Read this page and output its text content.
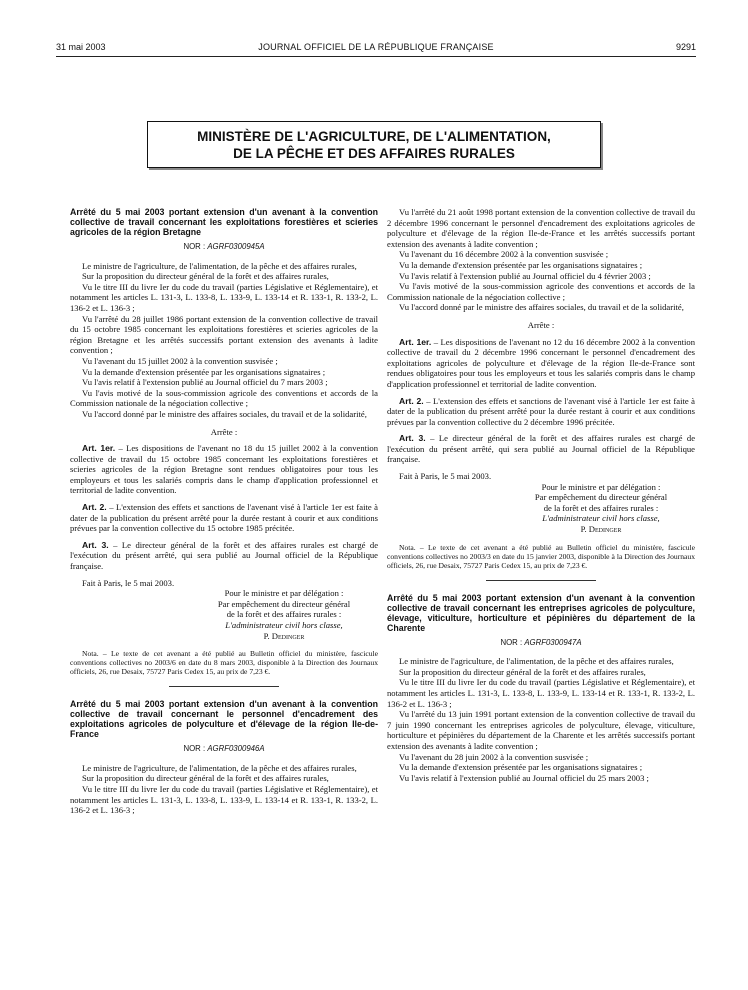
31 mai 2003	JOURNAL OFFICIEL DE LA RÉPUBLIQUE FRANÇAISE	9291
MINISTÈRE DE L'AGRICULTURE, DE L'ALIMENTATION,
DE LA PÊCHE ET DES AFFAIRES RURALES
Arrêté du 5 mai 2003 portant extension d'un avenant à la convention collective de travail concernant les exploitations forestières et scieries agricoles de la région Bretagne
NOR : AGRF0300945A

Le ministre de l'agriculture, de l'alimentation, de la pêche et des affaires rurales,

Sur la proposition du directeur général de la forêt et des affaires rurales,

Vu le titre III du livre Ier du code du travail (parties Législative et Réglementaire), et notamment les articles L. 131-3, L. 133-8, L. 133-9, L. 133-14 et R. 133-1, R. 133-2, L. 136-2 et L. 136-3 ;

Vu l'arrêté du 28 juillet 1986 portant extension de la convention collective de travail du 15 octobre 1985 concernant les exploitations forestières et scieries agricoles de la région Bretagne et les arrêtés successifs portant extension des avenants à ladite convention ;

Vu l'avenant du 15 juillet 2002 à la convention susvisée ;

Vu la demande d'extension présentée par les organisations signataires ;

Vu l'avis relatif à l'extension publié au Journal officiel du 7 mars 2003 ;

Vu l'avis motivé de la sous-commission agricole des conventions et accords de la Commission nationale de la négociation collective ;

Vu l'accord donné par le ministre des affaires sociales, du travail et de la solidarité,

Arrête :

Art. 1er. – Les dispositions de l'avenant no 18 du 15 juillet 2002 à la convention collective de travail du 15 octobre 1985 concernant les exploitations forestières et scieries agricoles de la région Bretagne sont rendues obligatoires pour tous les employeurs et tous les salariés compris dans le champ d'application professionnel et territorial de ladite convention.

Art. 2. – L'extension des effets et sanctions de l'avenant visé à l'article 1er est faite à dater de la publication du présent arrêté pour la durée restant à courir et aux conditions prévues par la convention collective du 15 octobre 1985 précitée.

Art. 3. – Le directeur général de la forêt et des affaires rurales est chargé de l'exécution du présent arrêté, qui sera publié au Journal officiel de la République française.

Fait à Paris, le 5 mai 2003.

Pour le ministre et par délégation :
Par empêchement du directeur général
de la forêt et des affaires rurales :
L'administrateur civil hors classe,
P. Dedinger

Nota. – Le texte de cet avenant a été publié au Bulletin officiel du ministère, fascicule conventions collectives no 2003/6 en date du 8 mars 2003, disponible à la Direction des Journaux officiels, 26, rue Desaix, 75727 Paris Cedex 15, au prix de 7,23 €.

Arrêté du 5 mai 2003 portant extension d'un avenant à la convention collective de travail concernant le personnel d'encadrement des exploitations agricoles de polyculture et d'élevage de la région Ile-de-France
NOR : AGRF0300946A

Le ministre de l'agriculture, de l'alimentation, de la pêche et des affaires rurales,

Sur la proposition du directeur général de la forêt et des affaires rurales,

Vu le titre III du livre Ier du code du travail (parties Législative et Réglementaire), et notamment les articles L. 131-3, L. 133-8, L. 133-9, L. 133-14 et R. 133-1, R. 133-2, L. 136-2 et L. 136-3 ;

Vu l'arrêté du 21 août 1998 portant extension de la convention collective de travail du 2 décembre 1996 concernant le personnel d'encadrement des exploitations agricoles de polyculture et d'élevage de la région Ile-de-France et les arrêtés successifs portant extension des avenants à ladite convention ;

Vu l'avenant du 16 décembre 2002 à la convention susvisée ;

Vu la demande d'extension présentée par les organisations signataires ;

Vu l'avis relatif à l'extension publié au Journal officiel du 4 février 2003 ;

Vu l'avis motivé de la sous-commission agricole des conventions et accords de la Commission nationale de la négociation collective ;

Vu l'accord donné par le ministre des affaires sociales, du travail et de la solidarité,

Arrête :

Art. 1er. – Les dispositions de l'avenant no 12 du 16 décembre 2002 à la convention collective de travail du 2 décembre 1996 concernant le personnel d'encadrement des exploitations agricoles de polyculture et d'élevage de la région Ile-de-France sont rendues obligatoires pour tous les employeurs et tous les salariés compris dans le champ d'application professionnel et territorial de ladite convention.

Art. 2. – L'extension des effets et sanctions de l'avenant visé à l'article 1er est faite à dater de la publication du présent arrêté pour la durée restant à courir et aux conditions prévues par la convention collective du 2 décembre 1996 précitée.

Art. 3. – Le directeur général de la forêt et des affaires rurales est chargé de l'exécution du présent arrêté, qui sera publié au Journal officiel de la République française.

Fait à Paris, le 5 mai 2003.

Pour le ministre et par délégation :
Par empêchement du directeur général
de la forêt et des affaires rurales :
L'administrateur civil hors classe,
P. Dedinger

Nota. – Le texte de cet avenant a été publié au Bulletin officiel du ministère, fascicule conventions collectives no 2003/3 en date du 15 janvier 2003, disponible à la Direction des Journaux officiels, 26, rue Desaix, 75727 Paris Cedex 15, au prix de 7,23 €.

Arrêté du 5 mai 2003 portant extension d'un avenant à la convention collective de travail concernant les entreprises agricoles de polyculture, élevage, viticulture, horticulture et pépinières du département de la Charente
NOR : AGRF0300947A

Le ministre de l'agriculture, de l'alimentation, de la pêche et des affaires rurales,

Sur la proposition du directeur général de la forêt et des affaires rurales,

Vu le titre III du livre Ier du code du travail (parties Législative et Réglementaire), et notamment les articles L. 131-3, L. 133-8, L. 133-9, L. 133-14 et R. 133-1, R. 133-2, L. 136-2 et L. 136-3 ;

Vu l'arrêté du 13 juin 1991 portant extension de la convention collective de travail du 7 juin 1990 concernant les entreprises agricoles de polyculture, élevage, viticulture, horticulture et pépinières du département de la Charente et les arrêtés successifs portant extension des avenants à ladite convention ;

Vu l'avenant du 28 juin 2002 à la convention susvisée ;

Vu la demande d'extension présentée par les organisations signataires ;

Vu l'avis relatif à l'extension publié au Journal officiel du 25 mars 2003 ;
